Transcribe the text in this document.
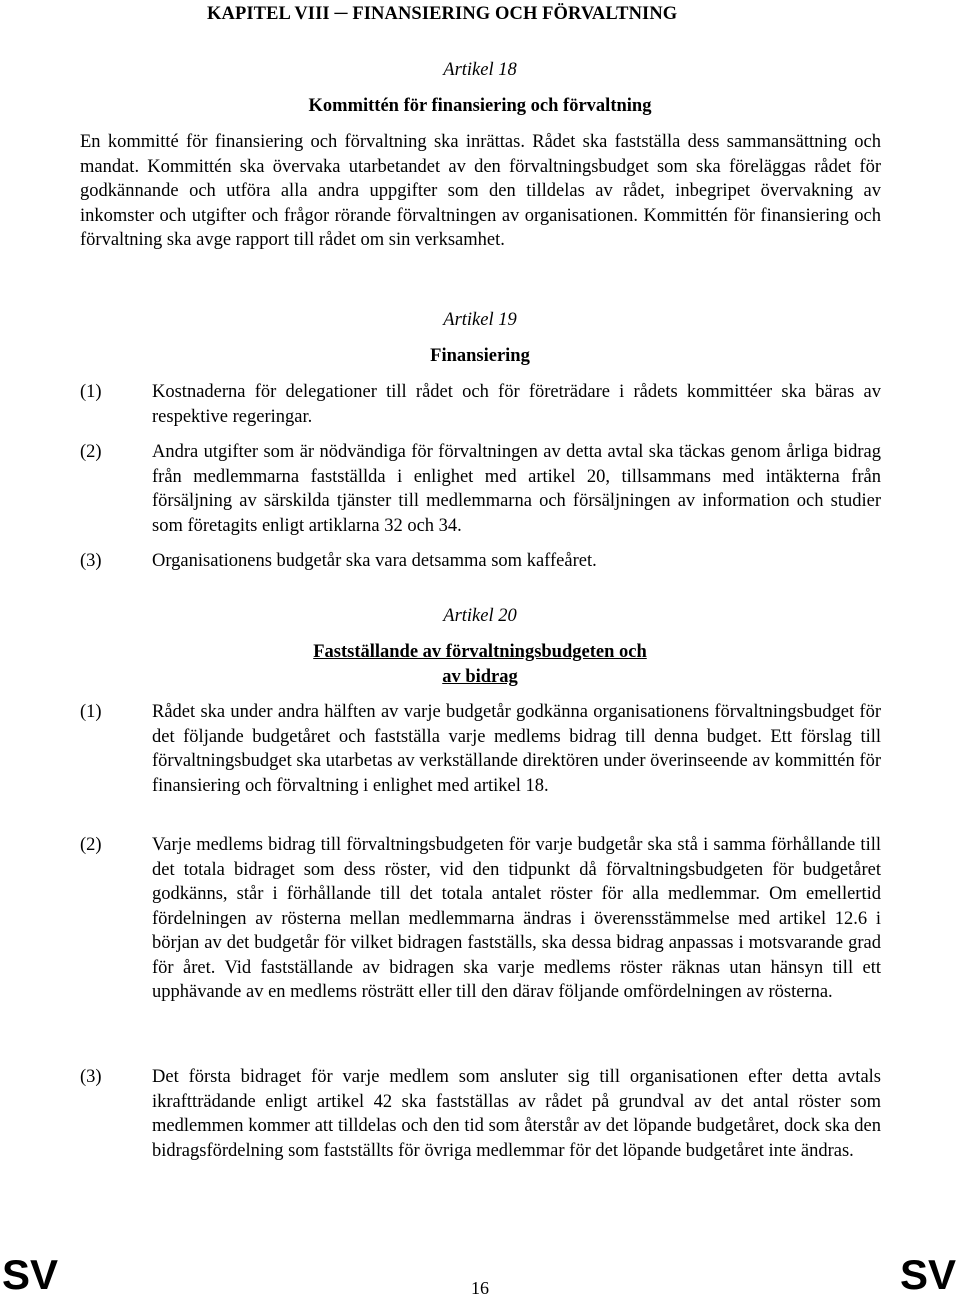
KAPITEL VIII ─ FINANSIERING OCH FÖRVALTNING
Artikel 18
Kommittén för finansiering och förvaltning

En kommitté för finansiering och förvaltning ska inrättas. Rådet ska fastställa dess sammansättning och mandat. Kommittén ska övervaka utarbetandet av den förvaltningsbudget som ska föreläggas rådet för godkännande och utföra alla andra uppgifter som den tilldelas av rådet, inbegripet övervakning av inkomster och utgifter och frågor rörande förvaltningen av organisationen. Kommittén för finansiering och förvaltning ska avge rapport till rådet om sin verksamhet.

Artikel 19
Finansiering
(1)	Kostnaderna för delegationer till rådet och för företrädare i rådets kommittéer ska bäras av respektive regeringar.

(2)	Andra utgifter som är nödvändiga för förvaltningen av detta avtal ska täckas genom årliga bidrag från medlemmarna fastställda i enlighet med artikel 20, tillsammans med intäkterna från försäljning av särskilda tjänster till medlemmarna och försäljningen av information och studier som företagits enligt artiklarna 32 och 34.

(3)	Organisationens budgetår ska vara detsamma som kaffeåret.

Artikel 20
Fastställande av förvaltningsbudgeten och
av bidrag
(1)	Rådet ska under andra hälften av varje budgetår godkänna organisationens förvaltningsbudget för det följande budgetåret och fastställa varje medlems bidrag till denna budget. Ett förslag till förvaltningsbudget ska utarbetas av verkställande direktören under överinseende av kommittén för finansiering och förvaltning i enlighet med artikel 18.

(2)	Varje medlems bidrag till förvaltningsbudgeten för varje budgetår ska stå i samma förhållande till det totala bidraget som dess röster, vid den tidpunkt då förvaltningsbudgeten för budgetåret godkänns, står i förhållande till det totala antalet röster för alla medlemmar. Om emellertid fördelningen av rösterna mellan medlemmarna ändras i överensstämmelse med artikel 12.6 i början av det budgetår för vilket bidragen fastställs, ska dessa bidrag anpassas i motsvarande grad för året. Vid fastställande av bidragen ska varje medlems röster räknas utan hänsyn till ett upphävande av en medlems rösträtt eller till den därav följande omfördelningen av rösterna.

(3)	Det första bidraget för varje medlem som ansluter sig till organisationen efter detta avtals ikraftträdande enligt artikel 42 ska fastställas av rådet på grundval av det antal röster som medlemmen kommer att tilldelas och den tid som återstår av det löpande budgetåret, dock ska den bidragsfördelning som fastställts för övriga medlemmar för det löpande budgetåret inte ändras.

SV	16	SV
